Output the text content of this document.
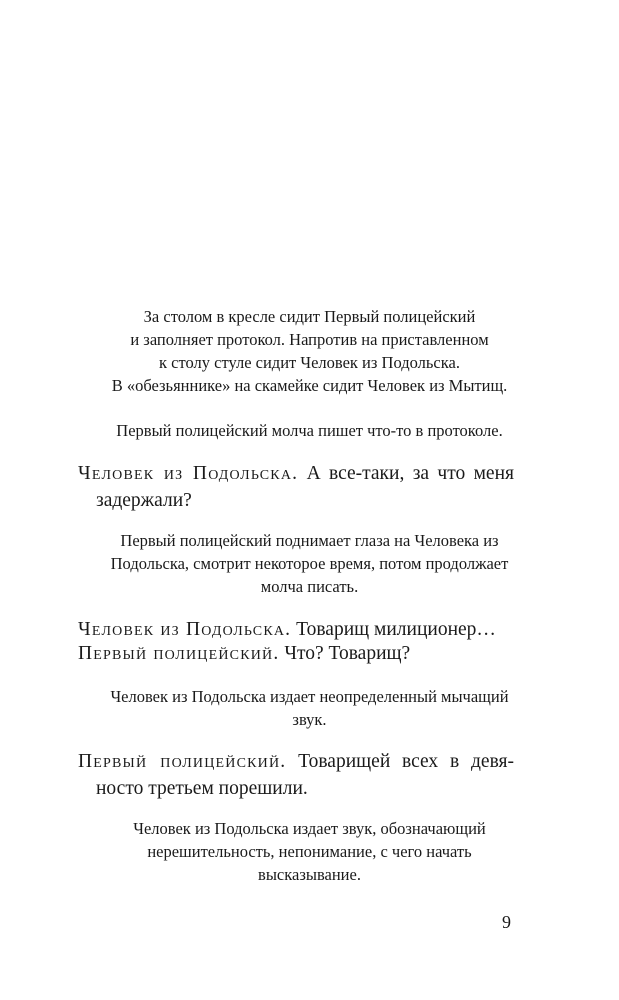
За столом в кресле сидит Первый полицейский
и заполняет протокол. Напротив на приставленном
к столу стуле сидит Человек из Подольска.
В «обезьяннике» на скамейке сидит Человек из Мытищ.
Первый полицейский молча пишет что-то в протоколе.
Человек из Подольска. А все-таки, за что меня
задержали?
Первый полицейский поднимает глаза на Человека из
Подольска, смотрит некоторое время, потом продолжает
молча писать.
Человек из Подольска. Товарищ милиционер…
Первый полицейский. Что? Товарищ?
Человек из Подольска издает неопределенный мычащий
звук.
Первый полицейский. Товарищей всех в девя-
носто третьем порешили.
Человек из Подольска издает звук, обозначающий
нерешительность, непонимание, с чего начать
высказывание.
9
